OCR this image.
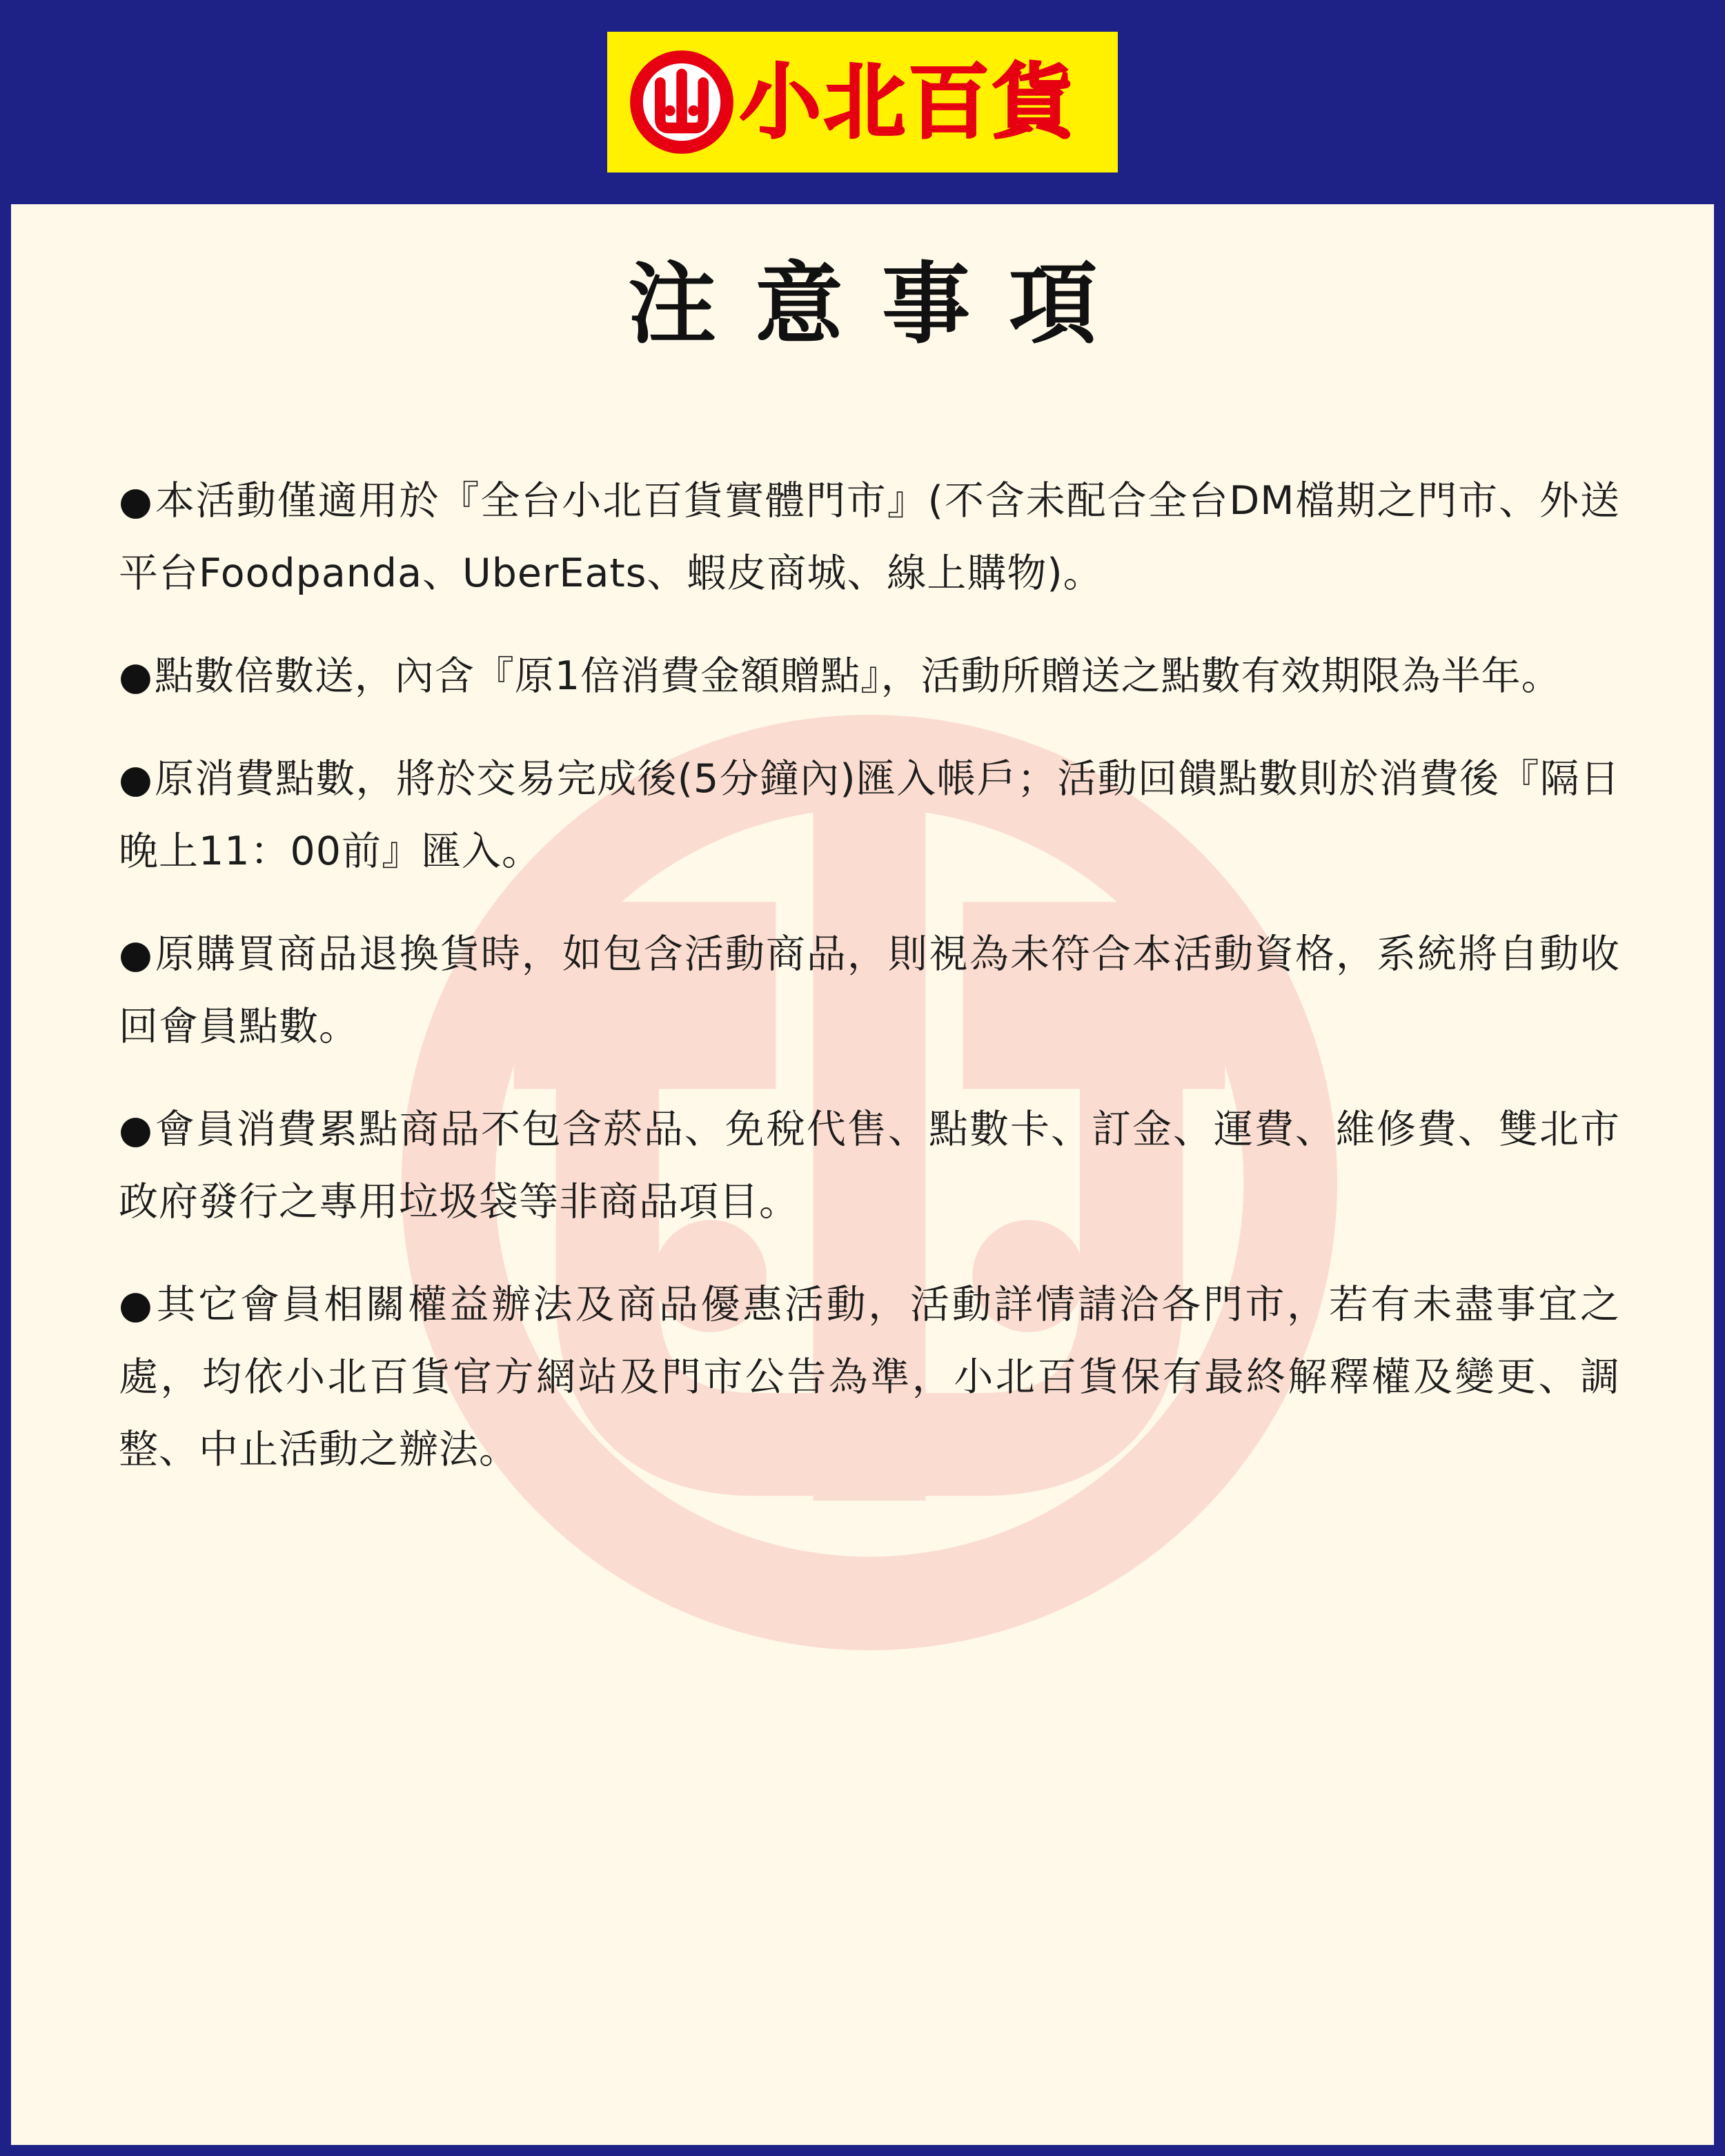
小北百貨
注意事項
●本活動僅適用於『全台小北百貨實體門市』(不含未配合全台DM檔期之門市、外送平台Foodpanda、UberEats、蝦皮商城、線上購物)。
●點數倍數送，內含『原1倍消費金額贈點』，活動所贈送之點數有效期限為半年。
●原消費點數，將於交易完成後(5分鐘內)匯入帳戶；活動回饋點數則於消費後『隔日晚上11：00前』匯入。
●原購買商品退換貨時，如包含活動商品，則視為未符合本活動資格，系統將自動收回會員點數。
●會員消費累點商品不包含菸品、免稅代售、點數卡、訂金、運費、維修費、雙北市政府發行之專用垃圾袋等非商品項目。
●其它會員相關權益辦法及商品優惠活動，活動詳情請洽各門市，若有未盡事宜之處，均依小北百貨官方網站及門市公告為準，小北百貨保有最終解釋權及變更、調整、中止活動之辦法。
